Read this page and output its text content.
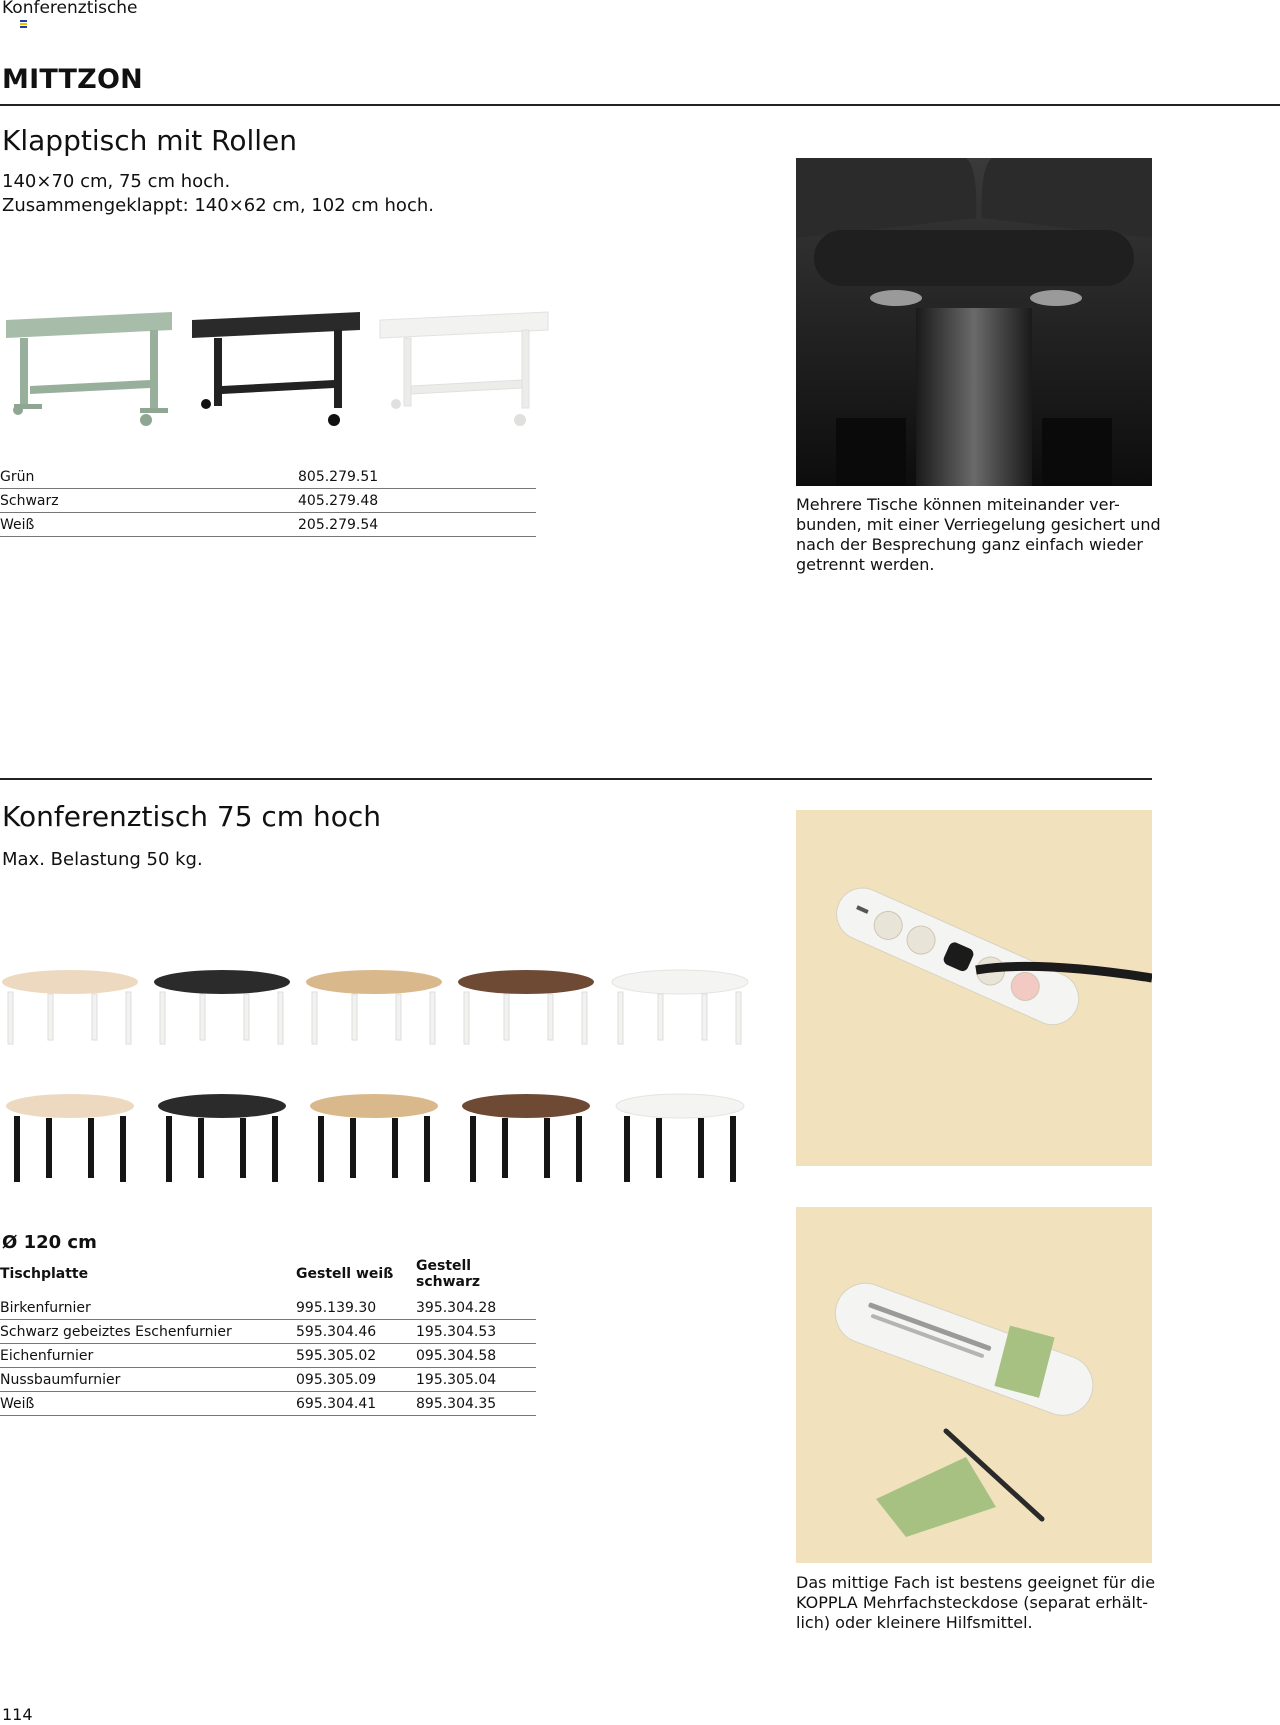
Konferenztische
MITTZON
Klapptisch mit Rollen
140×70 cm, 75 cm hoch.
Zusammengeklappt: 140×62 cm, 102 cm hoch.
Grün	805.279.51
Schwarz	405.279.48
Weiß	205.279.54
Mehrere Tische können miteinander ver-
bunden, mit einer Verriegelung gesichert und
nach der Besprechung ganz einfach wieder
getrennt werden.
Konferenztisch 75 cm hoch
Max. Belastung 50 kg.
Ø 120 cm
Tischplatte	Gestell weiß	Gestell schwarz

Birkenfurnier	995.139.30	395.304.28
Schwarz gebeiztes Eschenfurnier	595.304.46	195.304.53
Eichenfurnier	595.305.02	095.304.58
Nussbaumfurnier	095.305.09	195.305.04
Weiß	695.304.41	895.304.35
Das mittige Fach ist bestens geeignet für die
KOPPLA Mehrfachsteckdose (separat erhält-
lich) oder kleinere Hilfsmittel.
114
